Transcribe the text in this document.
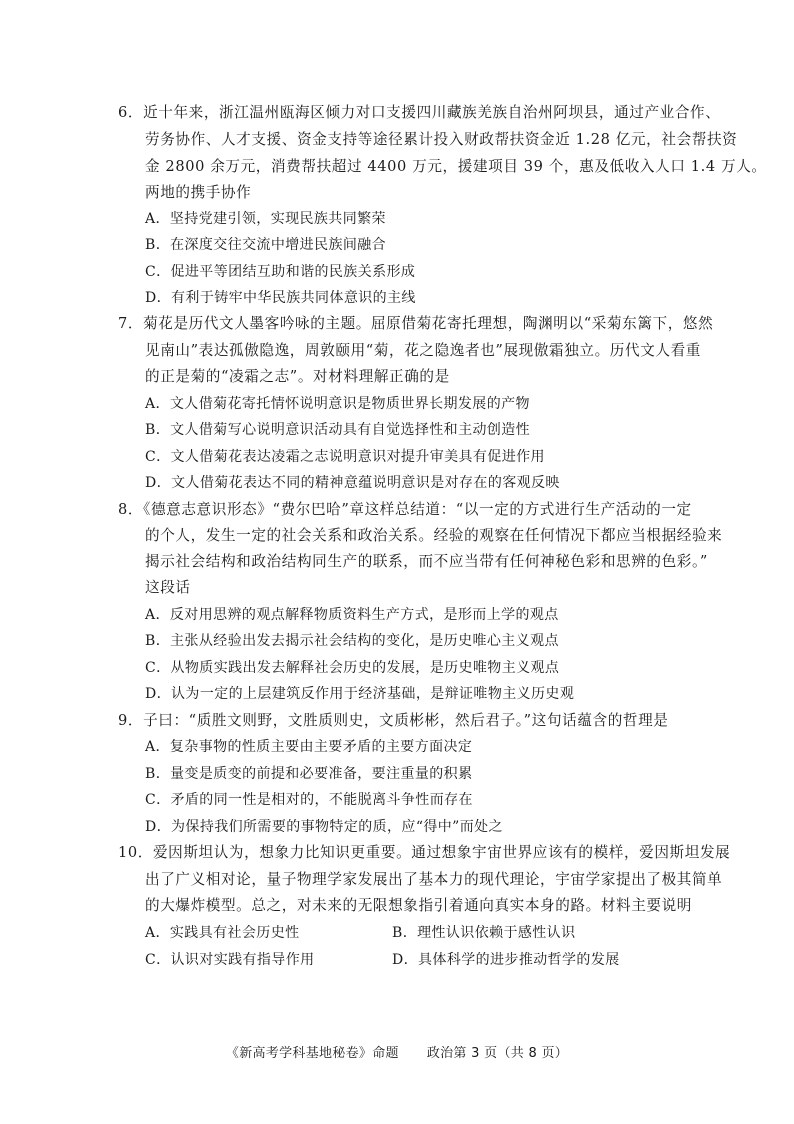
6．近十年来，浙江温州瓯海区倾力对口支援四川藏族羌族自治州阿坝县，通过产业合作、
劳务协作、人才支援、资金支持等途径累计投入财政帮扶资金近 1.28 亿元，社会帮扶资
金 2800 余万元，消费帮扶超过 4400 万元，援建项目 39 个，惠及低收入人口 1.4 万人。
两地的携手协作
A．坚持党建引领，实现民族共同繁荣
B．在深度交往交流中增进民族间融合
C．促进平等团结互助和谐的民族关系形成
D．有利于铸牢中华民族共同体意识的主线
7．菊花是历代文人墨客吟咏的主题。屈原借菊花寄托理想，陶渊明以“采菊东篱下，悠然
见南山”表达孤傲隐逸，周敦颐用“菊，花之隐逸者也”展现傲霜独立。历代文人看重
的正是菊的“凌霜之志”。对材料理解正确的是
A．文人借菊花寄托情怀说明意识是物质世界长期发展的产物
B．文人借菊写心说明意识活动具有自觉选择性和主动创造性
C．文人借菊花表达凌霜之志说明意识对提升审美具有促进作用
D．文人借菊花表达不同的精神意蕴说明意识是对存在的客观反映
8．《德意志意识形态》“费尔巴哈”章这样总结道：“以一定的方式进行生产活动的一定
的个人，发生一定的社会关系和政治关系。经验的观察在任何情况下都应当根据经验来
揭示社会结构和政治结构同生产的联系，而不应当带有任何神秘色彩和思辨的色彩。”
这段话
A．反对用思辨的观点解释物质资料生产方式，是形而上学的观点
B．主张从经验出发去揭示社会结构的变化，是历史唯心主义观点
C．从物质实践出发去解释社会历史的发展，是历史唯物主义观点
D．认为一定的上层建筑反作用于经济基础，是辩证唯物主义历史观
9．子曰：“质胜文则野，文胜质则史，文质彬彬，然后君子。”这句话蕴含的哲理是
A．复杂事物的性质主要由主要矛盾的主要方面决定
B．量变是质变的前提和必要准备，要注重量的积累
C．矛盾的同一性是相对的，不能脱离斗争性而存在
D．为保持我们所需要的事物特定的质，应“得中”而处之
10．爱因斯坦认为，想象力比知识更重要。通过想象宇宙世界应该有的模样，爱因斯坦发展
出了广义相对论，量子物理学家发展出了基本力的现代理论，宇宙学家提出了极其简单
的大爆炸模型。总之，对未来的无限想象指引着通向真实本身的路。材料主要说明
A．实践具有社会历史性	B．理性认识依赖于感性认识
C．认识对实践有指导作用	D．具体科学的进步推动哲学的发展
《新高考学科基地秘卷》命题 政治第 3 页（共 8 页）
